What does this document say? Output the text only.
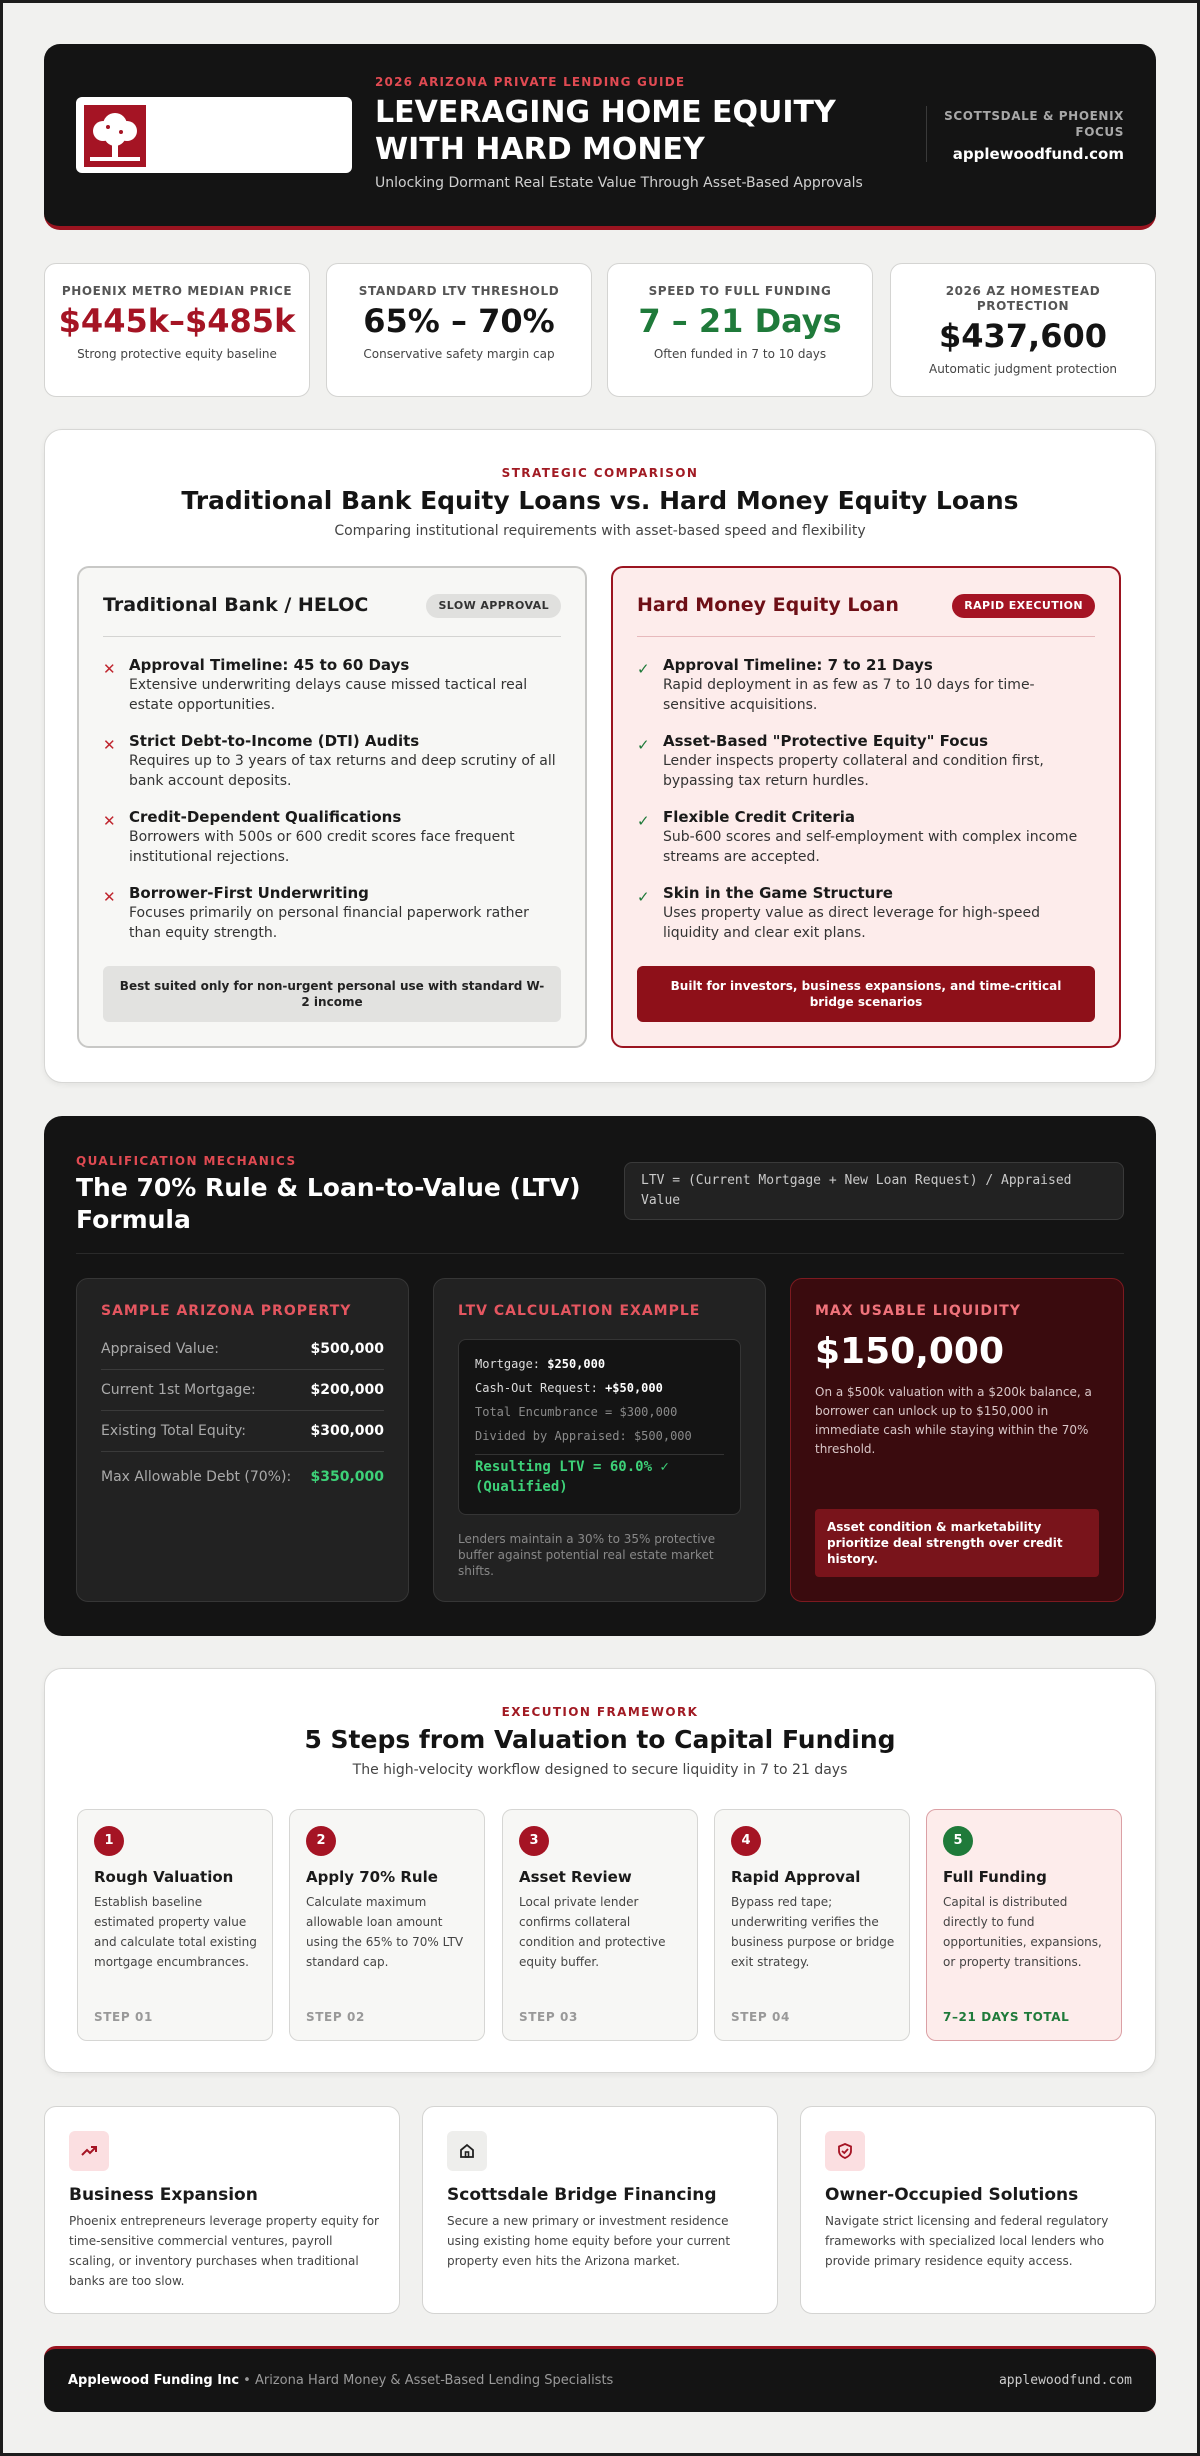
2026 ARIZONA PRIVATE LENDING GUIDE
LEVERAGING HOME EQUITY WITH HARD MONEY
Unlocking Dormant Real Estate Value Through Asset-Based Approvals
SCOTTSDALE & PHOENIX FOCUS
applewoodfund.com
PHOENIX METRO MEDIAN PRICE
$445k–$485k
Strong protective equity baseline
STANDARD LTV THRESHOLD
65% – 70%
Conservative safety margin cap
SPEED TO FULL FUNDING
7 – 21 Days
Often funded in 7 to 10 days
2026 AZ HOMESTEAD PROTECTION
$437,600
Automatic judgment protection
STRATEGIC COMPARISON
Traditional Bank Equity Loans vs. Hard Money Equity Loans
Comparing institutional requirements with asset-based speed and flexibility
Traditional Bank / HELOC	SLOW APPROVAL
✕ Approval Timeline: 45 to 60 Days
Extensive underwriting delays cause missed tactical real estate opportunities.
✕ Strict Debt-to-Income (DTI) Audits
Requires up to 3 years of tax returns and deep scrutiny of all bank account deposits.
✕ Credit-Dependent Qualifications
Borrowers with 500s or 600 credit scores face frequent institutional rejections.
✕ Borrower-First Underwriting
Focuses primarily on personal financial paperwork rather than equity strength.
Best suited only for non-urgent personal use with standard W-2 income
Hard Money Equity Loan	RAPID EXECUTION
✓ Approval Timeline: 7 to 21 Days
Rapid deployment in as few as 7 to 10 days for time-sensitive acquisitions.
✓ Asset-Based "Protective Equity" Focus
Lender inspects property collateral and condition first, bypassing tax return hurdles.
✓ Flexible Credit Criteria
Sub-600 scores and self-employment with complex income streams are accepted.
✓ Skin in the Game Structure
Uses property value as direct leverage for high-speed liquidity and clear exit plans.
Built for investors, business expansions, and time-critical bridge scenarios
QUALIFICATION MECHANICS
The 70% Rule & Loan-to-Value (LTV) Formula
LTV = (Current Mortgage + New Loan Request) / Appraised Value
SAMPLE ARIZONA PROPERTY
Appraised Value:	$500,000
Current 1st Mortgage:	$200,000
Existing Total Equity:	$300,000
Max Allowable Debt (70%): $350,000
LTV CALCULATION EXAMPLE
Mortgage: $250,000
Cash-Out Request: +$50,000
Total Encumbrance = $300,000
Divided by Appraised: $500,000
Resulting LTV = 60.0% ✓ (Qualified)
Lenders maintain a 30% to 35% protective buffer against potential real estate market shifts.
MAX USABLE LIQUIDITY
$150,000
On a $500k valuation with a $200k balance, a borrower can unlock up to $150,000 in immediate cash while staying within the 70% threshold.
Asset condition & marketability prioritize deal strength over credit history.
EXECUTION FRAMEWORK
5 Steps from Valuation to Capital Funding
The high-velocity workflow designed to secure liquidity in 7 to 21 days
1
Rough Valuation
Establish baseline estimated property value and calculate total existing mortgage encumbrances.
STEP 01
2
Apply 70% Rule
Calculate maximum allowable loan amount using the 65% to 70% LTV standard cap.
STEP 02
3
Asset Review
Local private lender confirms collateral condition and protective equity buffer.
STEP 03
4
Rapid Approval
Bypass red tape; underwriting verifies the business purpose or bridge exit strategy.
STEP 04
5
Full Funding
Capital is distributed directly to fund opportunities, expansions, or property transitions.
7–21 DAYS TOTAL
Business Expansion
Phoenix entrepreneurs leverage property equity for time-sensitive commercial ventures, payroll scaling, or inventory purchases when traditional banks are too slow.
Scottsdale Bridge Financing
Secure a new primary or investment residence using existing home equity before your current property even hits the Arizona market.
Owner-Occupied Solutions
Navigate strict licensing and federal regulatory frameworks with specialized local lenders who provide primary residence equity access.
Applewood Funding Inc • Arizona Hard Money & Asset-Based Lending Specialists	applewoodfund.com
